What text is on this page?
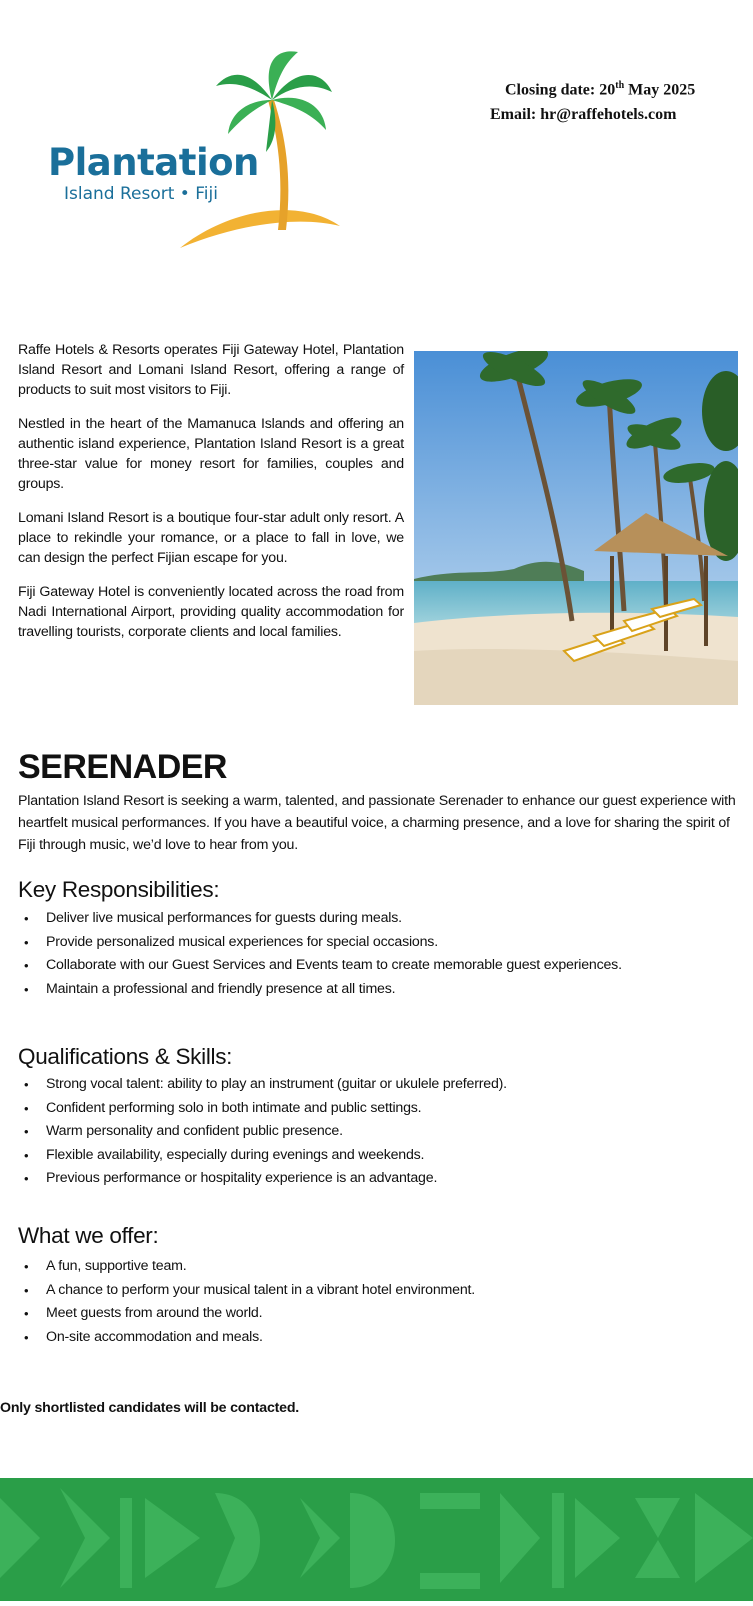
Plantation
Island Resort • Fiji
Closing date: 20th May 2025
Email: hr@raffehotels.com

Raffe Hotels & Resorts operates Fiji Gateway Hotel, Plantation Island Resort and Lomani Island Resort, offering a range of products to suit most visitors to Fiji.

Nestled in the heart of the Mamanuca Islands and offering an authentic island experience, Plantation Island Resort is a great three-star value for money resort for families, couples and groups.

Lomani Island Resort is a boutique four-star adult only resort. A place to rekindle your romance, or a place to fall in love, we can design the perfect Fijian escape for you.

Fiji Gateway Hotel is conveniently located across the road from Nadi International Airport, providing quality accommodation for travelling tourists, corporate clients and local families.

SERENADER

Plantation Island Resort is seeking a warm, talented, and passionate Serenader to enhance our guest experience with heartfelt musical performances. If you have a beautiful voice, a charming presence, and a love for sharing the spirit of Fiji through music, we’d love to hear from you.

Key Responsibilities:
• Deliver live musical performances for guests during meals.
• Provide personalized musical experiences for special occasions.
• Collaborate with our Guest Services and Events team to create memorable guest experiences.
• Maintain a professional and friendly presence at all times.
Qualifications & Skills:
• Strong vocal talent: ability to play an instrument (guitar or ukulele preferred).
• Confident performing solo in both intimate and public settings.
• Warm personality and confident public presence.
• Flexible availability, especially during evenings and weekends.
• Previous performance or hospitality experience is an advantage.
What we offer:
• A fun, supportive team.
• A chance to perform your musical talent in a vibrant hotel environment.
• Meet guests from around the world.
• On-site accommodation and meals.
Only shortlisted candidates will be contacted.
